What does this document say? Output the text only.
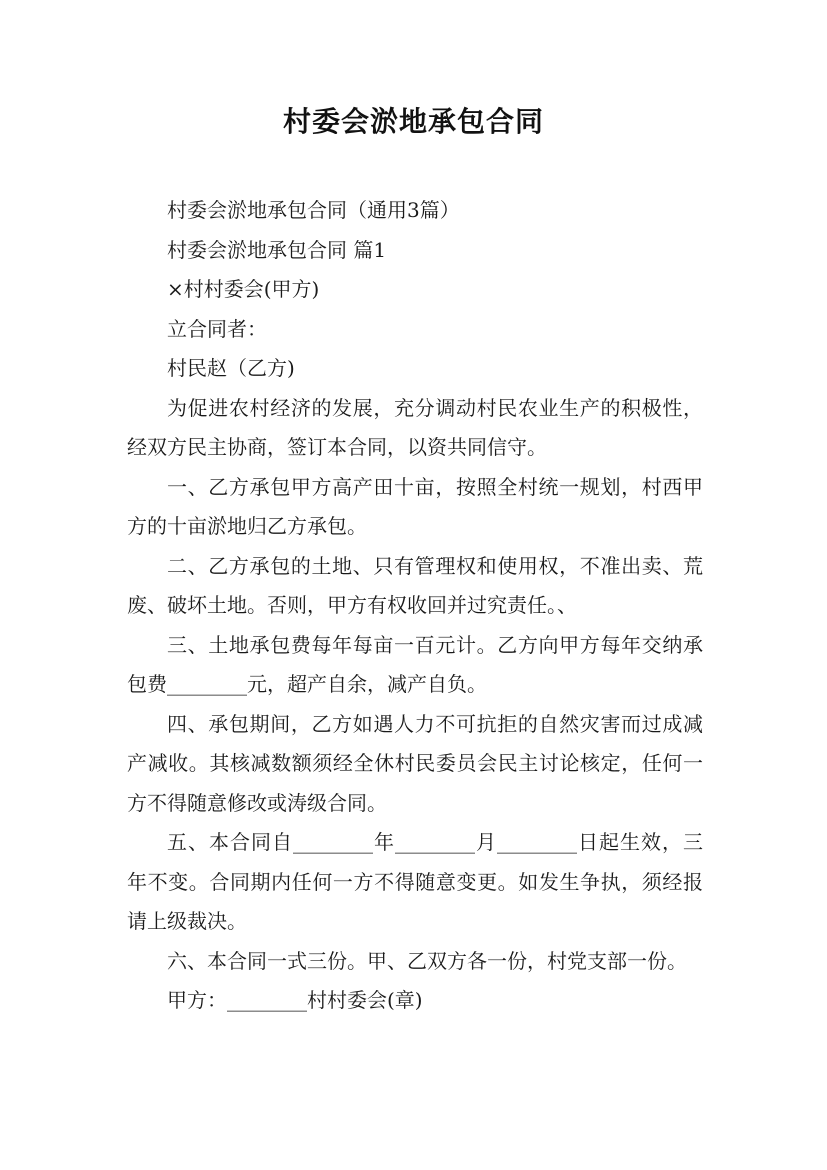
村委会淤地承包合同

村委会淤地承包合同（通用3篇）

村委会淤地承包合同 篇1

×村村委会(甲方)

立合同者：

村民赵（乙方)

为促进农村经济的发展，充分调动村民农业生产的积极性，经双方民主协商，签订本合同，以资共同信守。

一、乙方承包甲方高产田十亩，按照全村统一规划，村西甲方的十亩淤地归乙方承包。

二、乙方承包的土地、只有管理权和使用权，不准出卖、荒废、破坏土地。否则，甲方有权收回并过究责任。、

三、土地承包费每年每亩一百元计。乙方向甲方每年交纳承包费________元，超产自余，减产自负。

四、承包期间，乙方如遇人力不可抗拒的自然灾害而过成减产减收。其核减数额须经全休村民委员会民主讨论核定，任何一方不得随意修改或涛级合同。

五、本合同自________年________月________日起生效，三年不变。合同期内任何一方不得随意变更。如发生争执，须经报请上级裁决。

六、本合同一式三份。甲、乙双方各一份，村党支部一份。

甲方：________村村委会(章)
